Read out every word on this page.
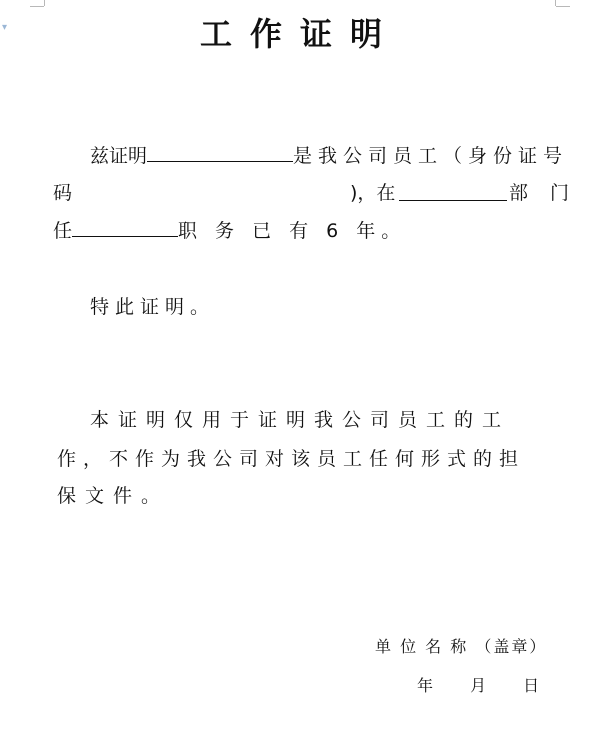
▾	工作证明
兹证明	是我公司员工（身份证号
码	)，在	部 门
任	职 务 已 有 6 年。
特此证明。
本证明仅用于证明我公司员工的工
作，不作为我公司对该员工任何形式的担
保文件。
单 位 名 称 （盖章）
年 月 日
